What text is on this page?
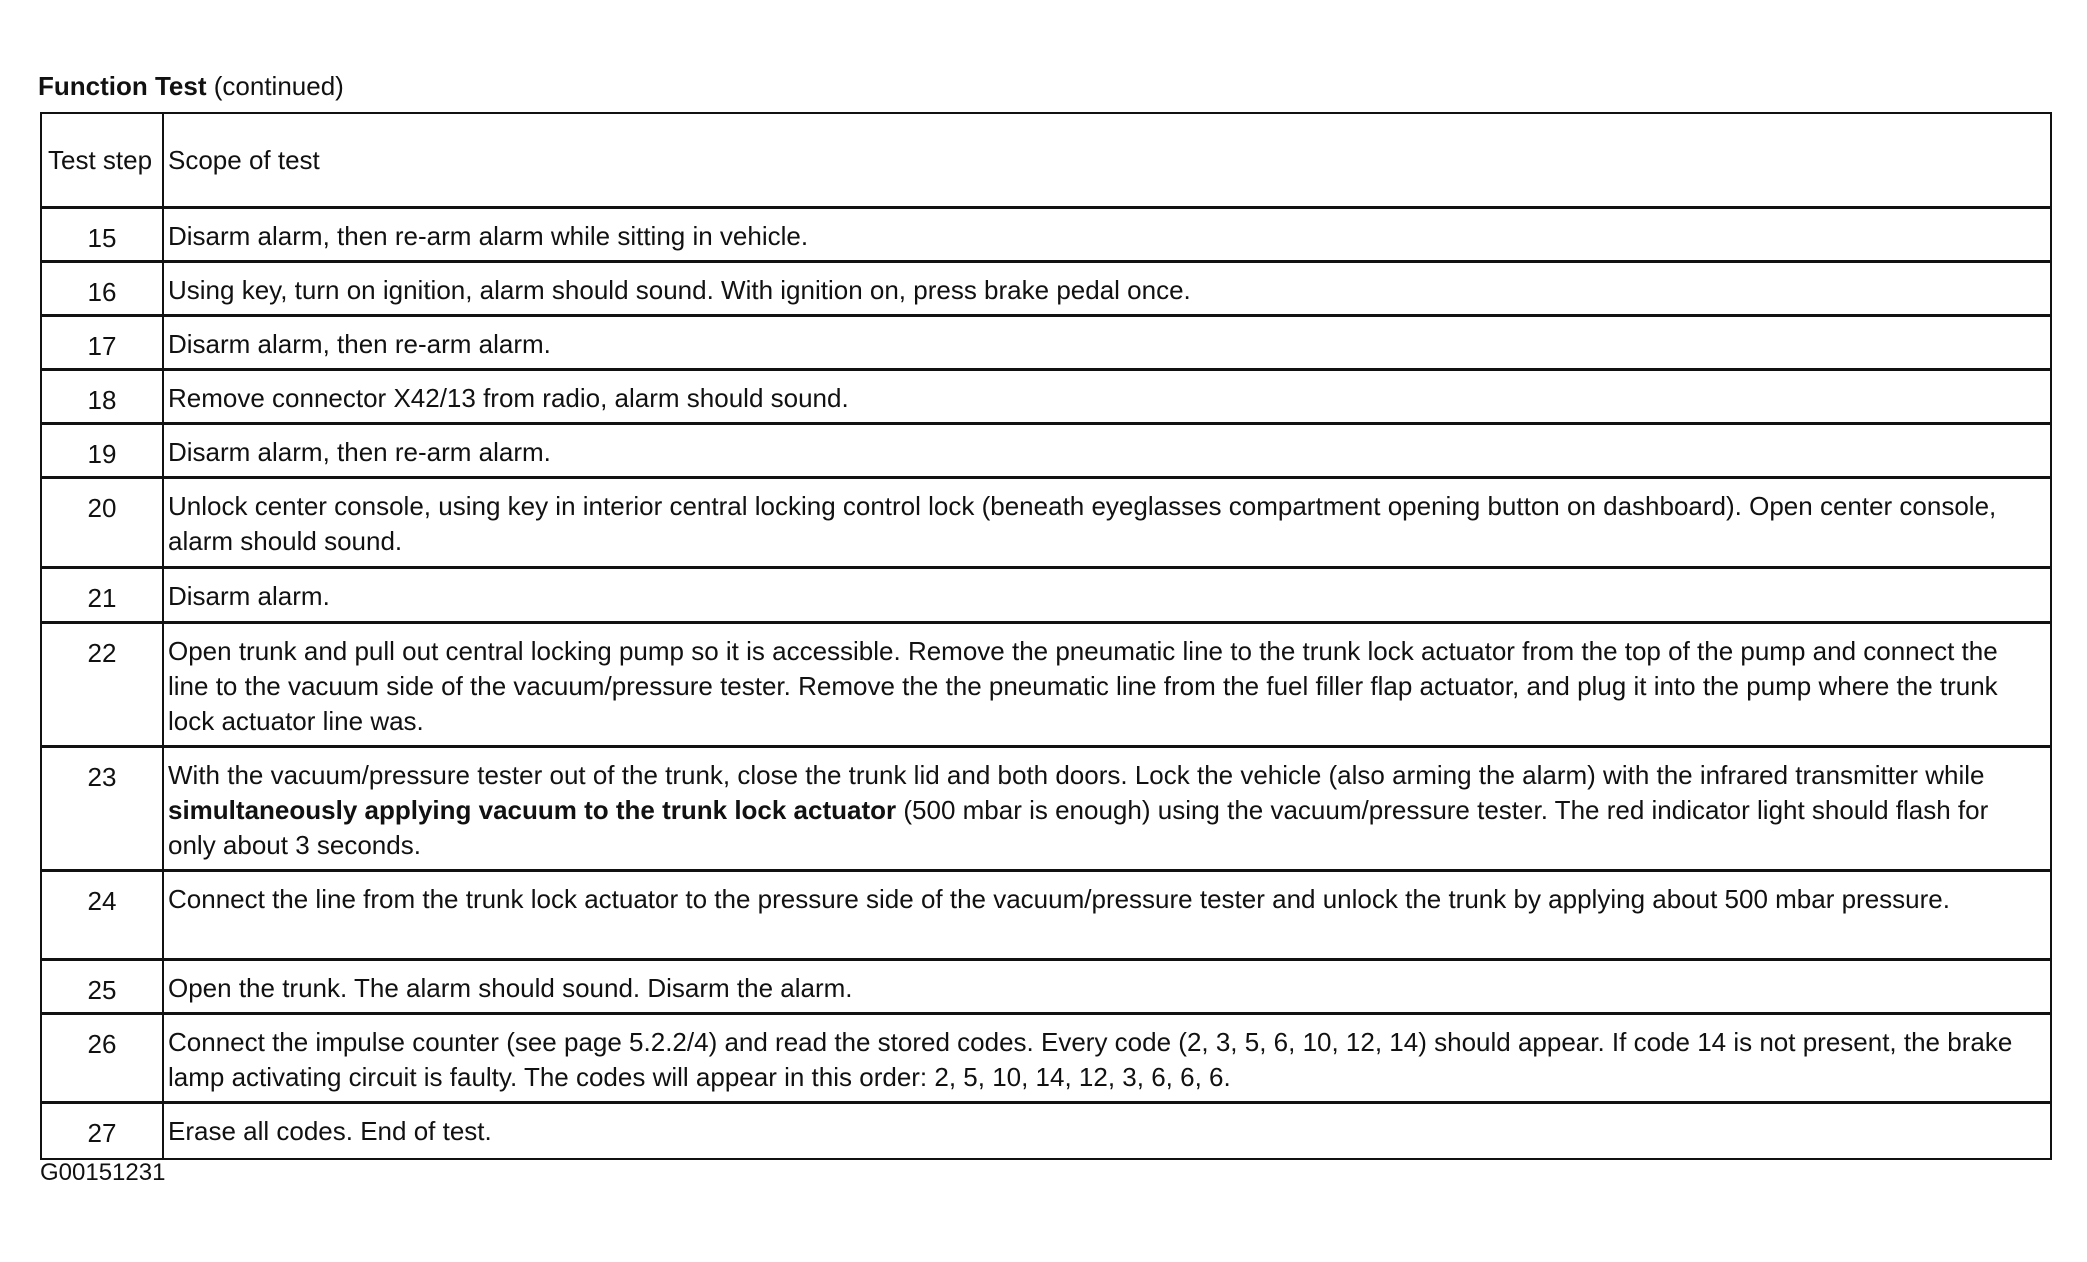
Function Test (continued)
Test step	Scope of test
15	Disarm alarm, then re-arm alarm while sitting in vehicle.
16	Using key, turn on ignition, alarm should sound. With ignition on, press brake pedal once.
17	Disarm alarm, then re-arm alarm.
18	Remove connector X42/13 from radio, alarm should sound.
19	Disarm alarm, then re-arm alarm.
20	Unlock center console, using key in interior central locking control lock (beneath eyeglasses compartment opening button on dashboard). Open center console, alarm should sound.
21	Disarm alarm.
22	Open trunk and pull out central locking pump so it is accessible. Remove the pneumatic line to the trunk lock actuator from the top of the pump and connect the line to the vacuum side of the vacuum/pressure tester. Remove the the pneumatic line from the fuel filler flap actuator, and plug it into the pump where the trunk lock actuator line was.
23	With the vacuum/pressure tester out of the trunk, close the trunk lid and both doors. Lock the vehicle (also arming the alarm) with the infrared transmitter while simultaneously applying vacuum to the trunk lock actuator (500 mbar is enough) using the vacuum/pressure tester. The red indicator light should flash for only about 3 seconds.
24	Connect the line from the trunk lock actuator to the pressure side of the vacuum/pressure tester and unlock the trunk by applying about 500 mbar pressure.
25	Open the trunk. The alarm should sound. Disarm the alarm.
26	Connect the impulse counter (see page 5.2.2/4) and read the stored codes. Every code (2, 3, 5, 6, 10, 12, 14) should appear. If code 14 is not present, the brake lamp activating circuit is faulty. The codes will appear in this order: 2, 5, 10, 14, 12, 3, 6, 6, 6.
27	Erase all codes. End of test.
G00151231
